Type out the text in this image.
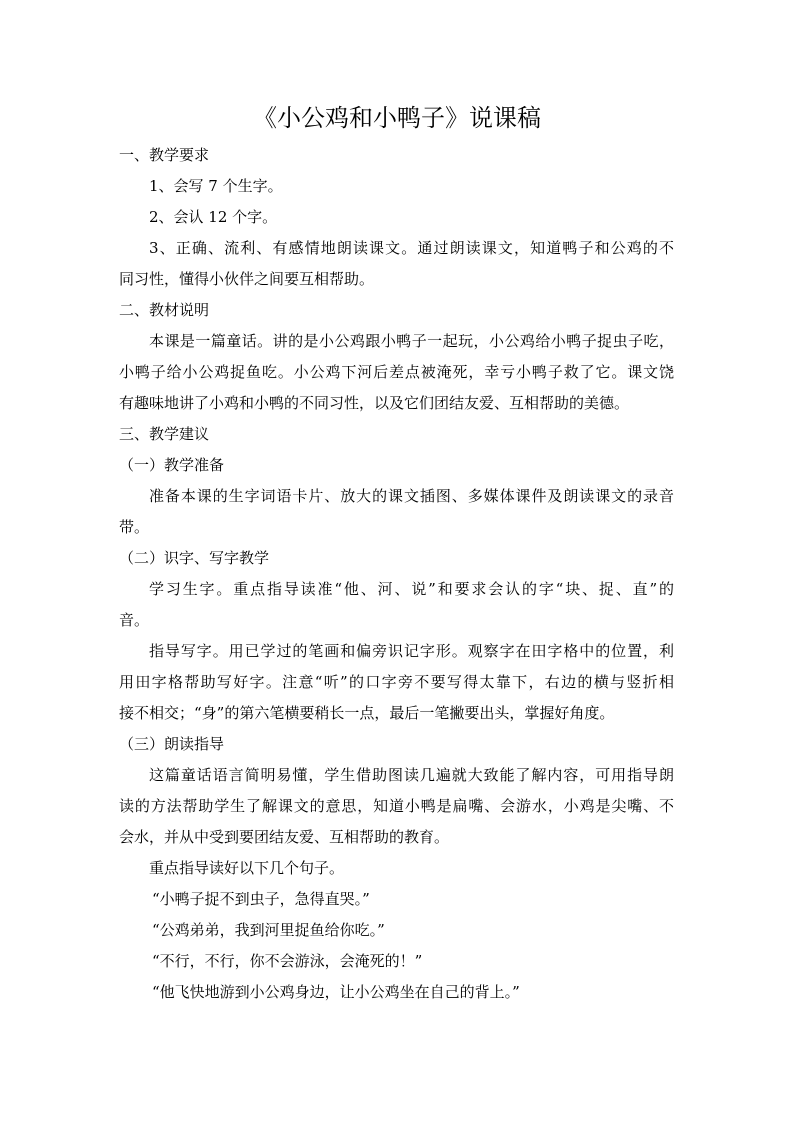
《小公鸡和小鸭子》说课稿
一、教学要求
1、会写 7 个生字。
2、会认 12 个字。
3、正确、流利、有感情地朗读课文。通过朗读课文，知道鸭子和公鸡的不
同习性，懂得小伙伴之间要互相帮助。
二、教材说明
本课是一篇童话。讲的是小公鸡跟小鸭子一起玩，小公鸡给小鸭子捉虫子吃，
小鸭子给小公鸡捉鱼吃。小公鸡下河后差点被淹死，幸亏小鸭子救了它。课文饶
有趣味地讲了小鸡和小鸭的不同习性，以及它们团结友爱、互相帮助的美德。
三、教学建议
（一）教学准备
准备本课的生字词语卡片、放大的课文插图、多媒体课件及朗读课文的录音
带。
（二）识字、写字教学
学习生字。重点指导读准“他、河、说”和要求会认的字“块、捉、直”的
音。
指导写字。用已学过的笔画和偏旁识记字形。观察字在田字格中的位置，利
用田字格帮助写好字。注意“听”的口字旁不要写得太靠下，右边的横与竖折相
接不相交；“身”的第六笔横要稍长一点，最后一笔撇要出头，掌握好角度。
（三）朗读指导
这篇童话语言简明易懂，学生借助图读几遍就大致能了解内容，可用指导朗
读的方法帮助学生了解课文的意思，知道小鸭是扁嘴、会游水，小鸡是尖嘴、不
会水，并从中受到要团结友爱、互相帮助的教育。
重点指导读好以下几个句子。
“小鸭子捉不到虫子，急得直哭。”
“公鸡弟弟，我到河里捉鱼给你吃。”
“不行，不行，你不会游泳，会淹死的！”
“他飞快地游到小公鸡身边，让小公鸡坐在自己的背上。”
